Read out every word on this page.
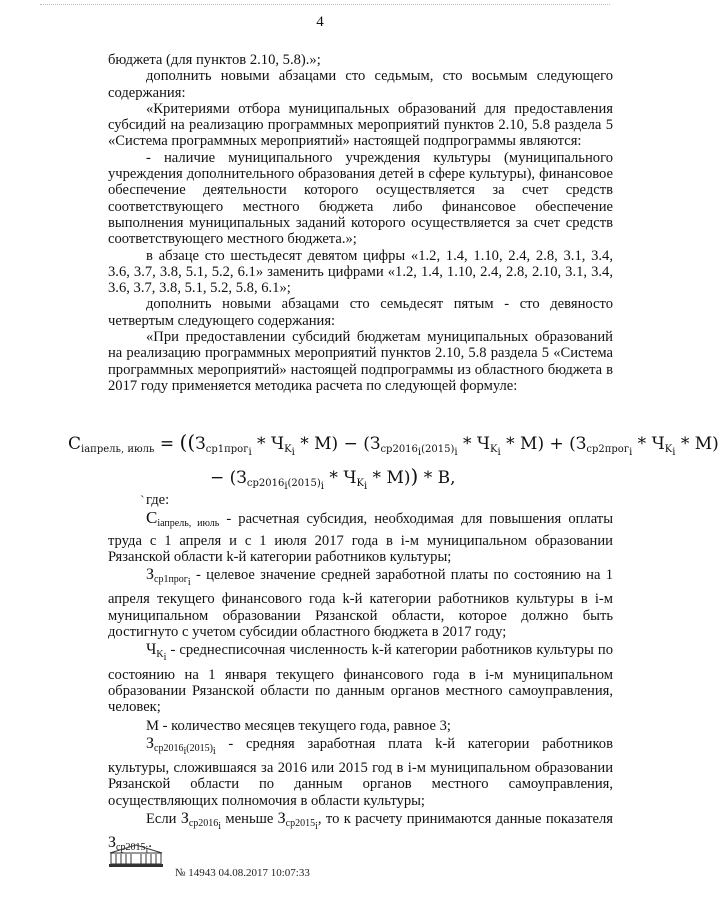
4

бюджета (для пунктов 2.10, 5.8).»;

дополнить новыми абзацами сто седьмым, сто восьмым следующего содержания:

«Критериями отбора муниципальных образований для предоставления субсидий на реализацию программных мероприятий пунктов 2.10, 5.8 раздела 5 «Система программных мероприятий» настоящей подпрограммы являются:

- наличие муниципального учреждения культуры (муниципального учреждения дополнительного образования детей в сфере культуры), финансовое обеспечение деятельности которого осуществляется за счет средств соответствующего местного бюджета либо финансовое обеспечение выполнения муниципальных заданий которого осуществляется за счет средств соответствующего местного бюджета.»;

в абзаце сто шестьдесят девятом цифры «1.2, 1.4, 1.10, 2.4, 2.8, 3.1, 3.4, 3.6, 3.7, 3.8, 5.1, 5.2, 6.1» заменить цифрами «1.2, 1.4, 1.10, 2.4, 2.8, 2.10, 3.1, 3.4, 3.6, 3.7, 3.8, 5.1, 5.2, 5.8, 6.1»;

дополнить новыми абзацами сто семьдесят пятым - сто девяносто четвертым следующего содержания:

«При предоставлении субсидий бюджетам муниципальных образований на реализацию программных мероприятий пунктов 2.10, 5.8 раздела 5 «Система программных мероприятий» настоящей подпрограммы из областного бюджета в 2017 году применяется методика расчета по следующей формуле:

$С_{iапрель, июль} = ((З_{ср1прог_i} * Ч_{K_i} * М) - (З_{ср2016_i(2015)_i} * Ч_{K_i} * М) + (З_{ср2прог_i} * Ч_{K_i} * М)$
− $(З_{ср2016_i(2015)_i} * Ч_{K_i} * М)$) * В,
ˋ где:

$С_{iапрель, июль}$ - расчетная субсидия, необходимая для повышения оплаты труда с 1 апреля и с 1 июля 2017 года в i-м муниципальном образовании Рязанской области k-й категории работников культуры;

$З_{ср1прог_i}$ - целевое значение средней заработной платы по состоянию на 1 апреля текущего финансового года k-й категории работников культуры в i-м муниципальном образовании Рязанской области, которое должно быть достигнуто с учетом субсидии областного бюджета в 2017 году;

$Ч_{K_i}$ - среднесписочная численность k-й категории работников культуры по состоянию на 1 января текущего финансового года в i-м муниципальном образовании Рязанской области по данным органов местного самоуправления, человек;

М - количество месяцев текущего года, равное 3;

$З_{ср2016_i(2015)_i}$ - средняя заработная плата k-й категории работников культуры, сложившаяся за 2016 или 2015 год в i-м муниципальном образовании Рязанской области по данным органов местного самоуправления, осуществляющих полномочия в области культуры;

Если $З_{ср2016_i}$ меньше $З_{ср2015_i}$, то к расчету принимаются данные показателя $З_{ср2015_i}$.

№ 14943 04.08.2017 10:07:33
